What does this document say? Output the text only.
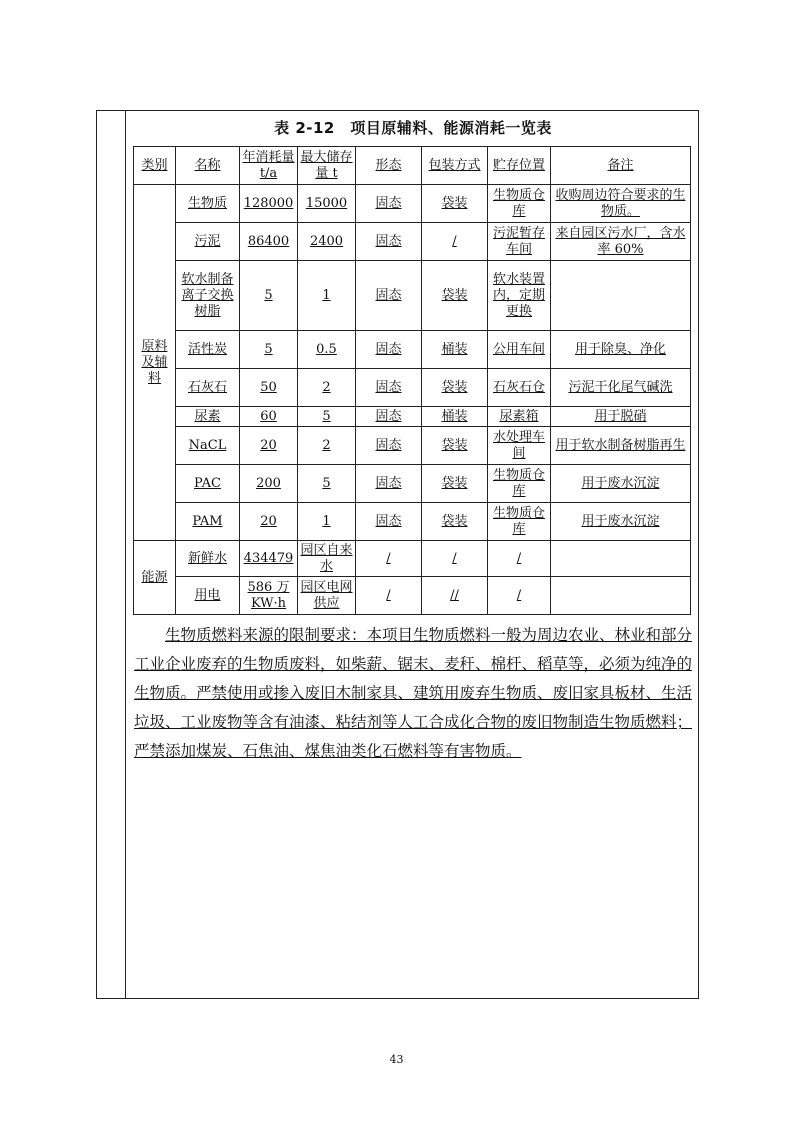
表 2-12　项目原辅料、能源消耗一览表
类别	名称	年消耗量 t/a	最大储存量 t	形态	包装方式	贮存位置	备注
原料及辅料	生物质	128000	15000	固态	袋装	生物质仓库	收购周边符合要求的生物质。
	污泥	86400	2400	固态	/	污泥暂存车间	来自园区污水厂，含水率 60%
	软水制备离子交换树脂	5	1	固态	袋装	软水装置内，定期更换	
	活性炭	5	0.5	固态	桶装	公用车间	用于除臭、净化
	石灰石	50	2	固态	袋装	石灰石仓	污泥干化尾气碱洗
	尿素	60	5	固态	桶装	尿素箱	用于脱硝
	NaCL	20	2	固态	袋装	水处理车间	用于软水制备树脂再生
	PAC	200	5	固态	袋装	生物质仓库	用于废水沉淀
	PAM	20	1	固态	袋装	生物质仓库	用于废水沉淀
能源	新鲜水	434479	园区自来水	/	/	/	
	用电	586 万 KW·h	园区电网供应	/	//	/	
生物质燃料来源的限制要求：本项目生物质燃料一般为周边农业、林业和部分工业企业废弃的生物质废料，如柴薪、锯末、麦秆、棉杆、稻草等，必须为纯净的生物质。严禁使用或掺入废旧木制家具、建筑用废弃生物质、废旧家具板材、生活垃圾、工业废物等含有油漆、粘结剂等人工合成化合物的废旧物制造生物质燃料；严禁添加煤炭、石焦油、煤焦油类化石燃料等有害物质。
43
